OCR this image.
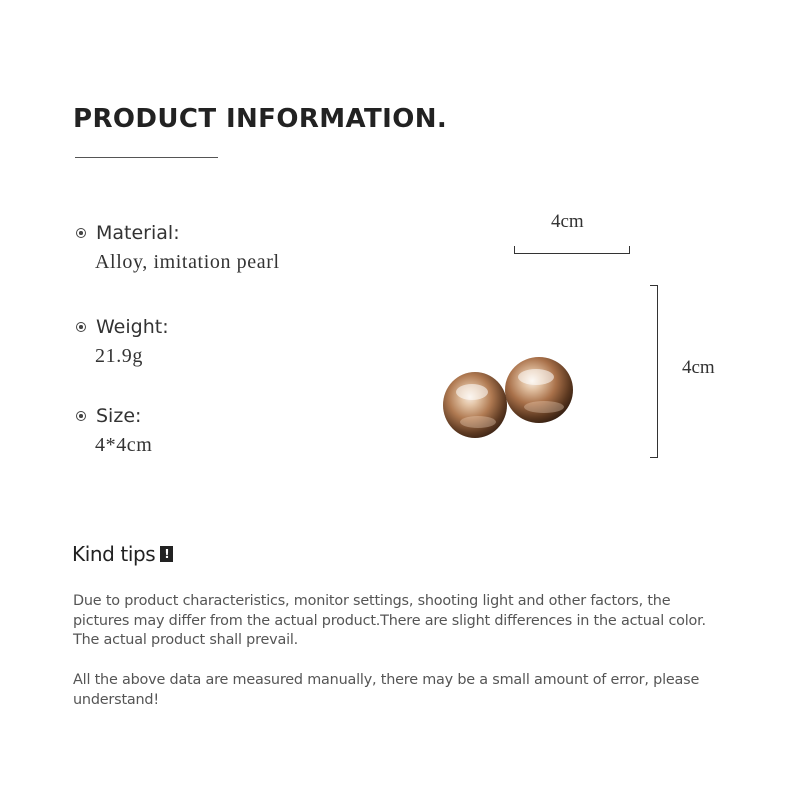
PRODUCT INFORMATION.
Material:
Alloy, imitation pearl
Weight:
21.9g
Size:
4*4cm
4cm
4cm
Kind tips !
Due to product characteristics, monitor settings, shooting light and other factors, the pictures may differ from the actual product.There are slight differences in the actual color. The actual product shall prevail.
All the above data are measured manually, there may be a small amount of error, please understand!
